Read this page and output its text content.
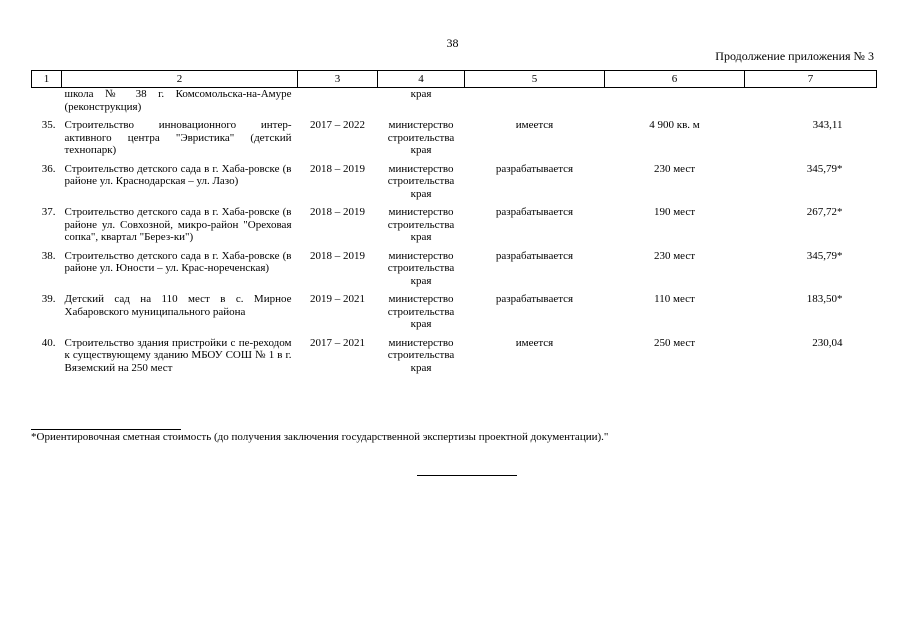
38
Продолжение приложения № 3
1	2	3	4	5	6	7
	школа № 38 г. Комсомольска-на-Амуре (реконструкция)		края			
35.	Строительство инновационного интер-активного центра "Эвристика" (детский технопарк)	2017 – 2022	министерство строительства края	имеется	4 900 кв. м	343,11
36.	Строительство детского сада в г. Хаба-ровске (в районе ул. Краснодарская – ул. Лазо)	2018 – 2019	министерство строительства края	разрабатывается	230 мест	345,79*
37.	Строительство детского сада в г. Хаба-ровске (в районе ул. Совхозной, микро-район "Ореховая сопка", квартал "Берез-ки")	2018 – 2019	министерство строительства края	разрабатывается	190 мест	267,72*
38.	Строительство детского сада в г. Хаба-ровске (в районе ул. Юности – ул. Крас-нореченская)	2018 – 2019	министерство строительства края	разрабатывается	230 мест	345,79*
39.	Детский сад на 110 мест в с. Мирное Хабаровского муниципального района	2019 – 2021	министерство строительства края	разрабатывается	110 мест	183,50*
40.	Строительство здания пристройки с пе-реходом к существующему зданию МБОУ СОШ № 1 в г. Вяземский на 250 мест	2017 – 2021	министерство строительства края	имеется	250 мест	230,04
*Ориентировочная сметная стоимость (до получения заключения государственной экспертизы проектной документации)."
